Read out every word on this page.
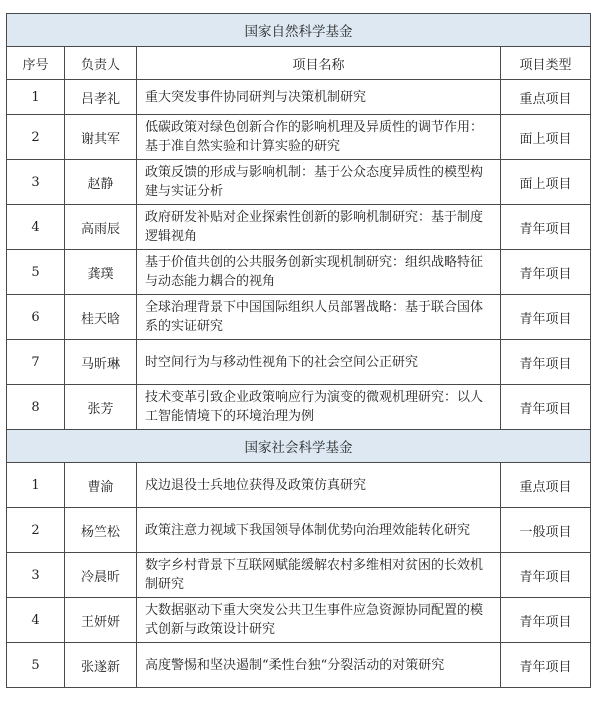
国家自然科学基金			
序号	负责人	项目名称	项目类型
1	吕孝礼	重大突发事件协同研判与决策机制研究	重点项目
2	谢其军	低碳政策对绿色创新合作的影响机理及异质性的调节作用：基于准自然实验和计算实验的研究	面上项目
3	赵静	政策反馈的形成与影响机制：基于公众态度异质性的模型构建与实证分析	面上项目
4	高雨辰	政府研发补贴对企业探索性创新的影响机制研究：基于制度逻辑视角	青年项目
5	龚璞	基于价值共创的公共服务创新实现机制研究：组织战略特征与动态能力耦合的视角	青年项目
6	桂天晗	全球治理背景下中国国际组织人员部署战略：基于联合国体系的实证研究	青年项目
7	马昕琳	时空间行为与移动性视角下的社会空间公正研究	青年项目
8	张芳	技术变革引致企业政策响应行为演变的微观机理研究：以人工智能情境下的环境治理为例	青年项目
国家社会科学基金			
1	曹渝	戍边退役士兵地位获得及政策仿真研究	重点项目
2	杨竺松	政策注意力视域下我国领导体制优势向治理效能转化研究	一般项目
3	冷晨昕	数字乡村背景下互联网赋能缓解农村多维相对贫困的长效机制研究	青年项目
4	王妍妍	大数据驱动下重大突发公共卫生事件应急资源协同配置的模式创新与政策设计研究	青年项目
5	张遂新	高度警惕和坚决遏制“柔性台独“分裂活动的对策研究	青年项目
